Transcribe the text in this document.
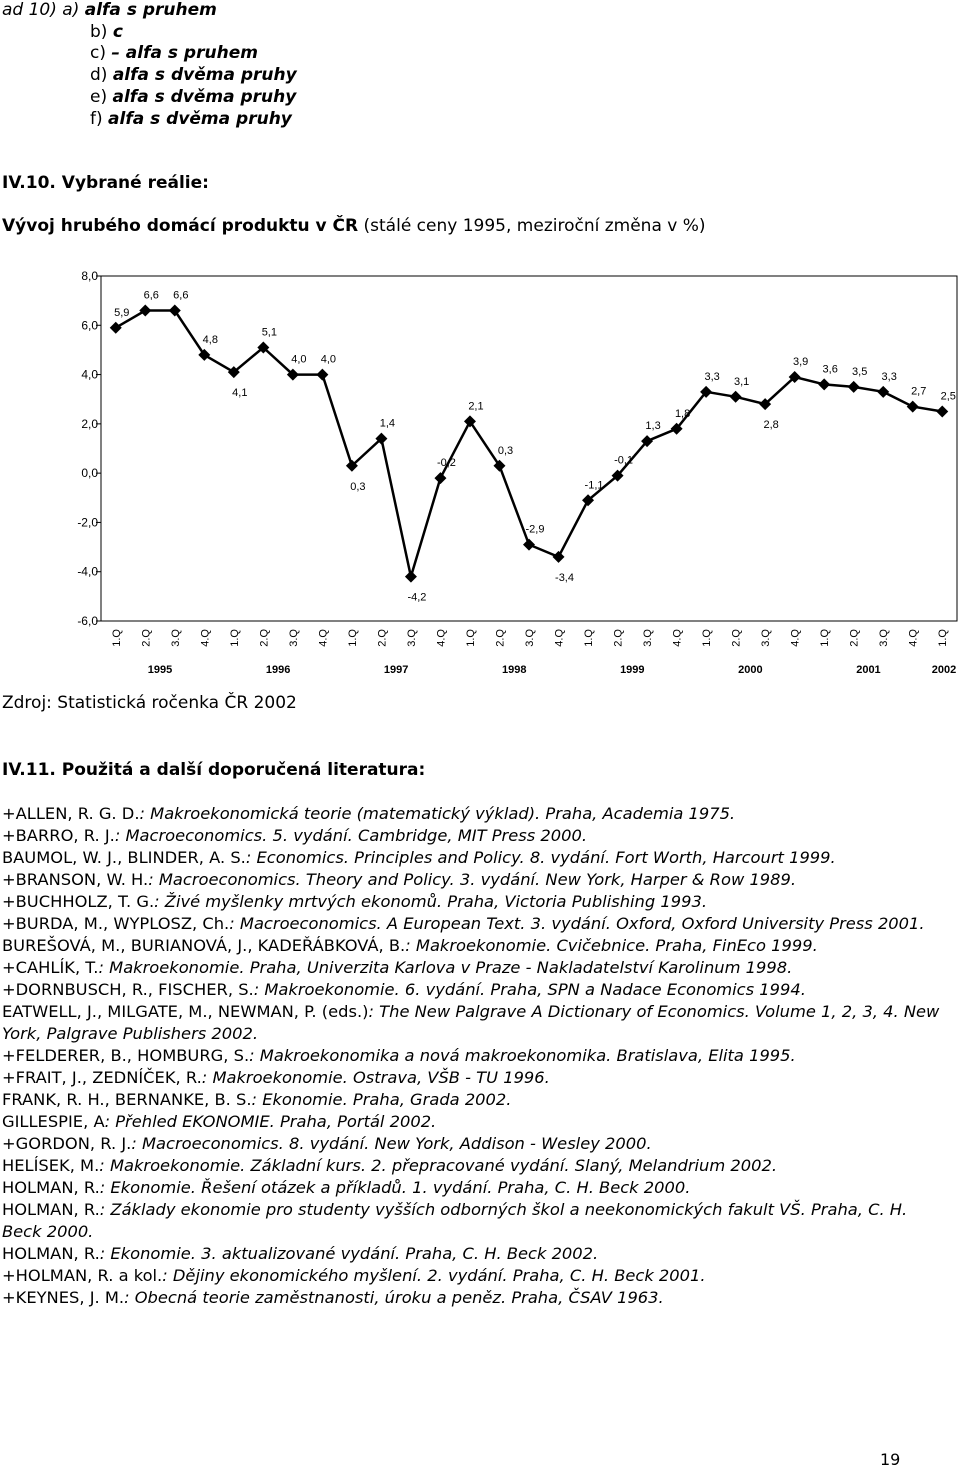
ad 10) a) alfa s pruhem
b) c
c) – alfa s pruhem
d) alfa s dvěma pruhy
e) alfa s dvěma pruhy
f) alfa s dvěma pruhy
IV.10. Vybrané reálie:
Vývoj hrubého domácí produktu v ČR (stálé ceny 1995, meziroční změna v %)
8,0
6,0
4,0
2,0
0,0
-2,0
-4,0
-6,0
5,9
6,6 6,6
4,8
4,1
5,1
4,0 4,0
0,3
1,4
-4,2
-0,2
2,1
0,3
-2,9
-3,4
-1,1
-0,1
1,3
1,8
3,3 3,1
2,8
3,9
3,6 3,5 3,3
2,7 2,5
1.Q 2.Q 3.Q 4.Q 1.Q 2.Q 3.Q 4.Q 1.Q 2.Q 3.Q 4.Q 1.Q 2.Q 3.Q 4.Q 1.Q 2.Q 3.Q 4.Q 1.Q 2.Q 3.Q 4.Q 1.Q 2.Q 3.Q 4.Q 1.Q
1995	1996	1997	1998	1999	2000	2001	2002
Zdroj: Statistická ročenka ČR 2002
IV.11. Použitá a další doporučená literatura:
+ALLEN, R. G. D.: Makroekonomická teorie (matematický výklad). Praha, Academia 1975.
+BARRO, R. J.: Macroeconomics. 5. vydání. Cambridge, MIT Press 2000.
BAUMOL, W. J., BLINDER, A. S.: Economics. Principles and Policy. 8. vydání. Fort Worth, Harcourt 1999.
+BRANSON, W. H.: Macroeconomics. Theory and Policy. 3. vydání. New York, Harper & Row 1989.
+BUCHHOLZ, T. G.: Živé myšlenky mrtvých ekonomů. Praha, Victoria Publishing 1993.
+BURDA, M., WYPLOSZ, Ch.: Macroeconomics. A European Text. 3. vydání. Oxford, Oxford University Press 2001.
BUREŠOVÁ, M., BURIANOVÁ, J., KADEŘÁBKOVÁ, B.: Makroekonomie. Cvičebnice. Praha, FinEco 1999.
+CAHLÍK, T.: Makroekonomie. Praha, Univerzita Karlova v Praze - Nakladatelství Karolinum 1998.
+DORNBUSCH, R., FISCHER, S.: Makroekonomie. 6. vydání. Praha, SPN a Nadace Economics 1994.
EATWELL, J., MILGATE, M., NEWMAN, P. (eds.): The New Palgrave A Dictionary of Economics. Volume 1, 2, 3, 4. New York, Palgrave Publishers 2002.
+FELDERER, B., HOMBURG, S.: Makroekonomika a nová makroekonomika. Bratislava, Elita 1995.
+FRAIT, J., ZEDNÍČEK, R.: Makroekonomie. Ostrava, VŠB - TU 1996.
FRANK, R. H., BERNANKE, B. S.: Ekonomie. Praha, Grada 2002.
GILLESPIE, A: Přehled EKONOMIE. Praha, Portál 2002.
+GORDON, R. J.: Macroeconomics. 8. vydání. New York, Addison - Wesley 2000.
HELÍSEK, M.: Makroekonomie. Základní kurs. 2. přepracované vydání. Slaný, Melandrium 2002.
HOLMAN, R.: Ekonomie. Řešení otázek a příkladů. 1. vydání. Praha, C. H. Beck 2000.
HOLMAN, R.: Základy ekonomie pro studenty vyšších odborných škol a neekonomických fakult VŠ. Praha, C. H. Beck 2000.
HOLMAN, R.: Ekonomie. 3. aktualizované vydání. Praha, C. H. Beck 2002.
+HOLMAN, R. a kol.: Dějiny ekonomického myšlení. 2. vydání. Praha, C. H. Beck 2001.
+KEYNES, J. M.: Obecná teorie zaměstnanosti, úroku a peněz. Praha, ČSAV 1963.
19
